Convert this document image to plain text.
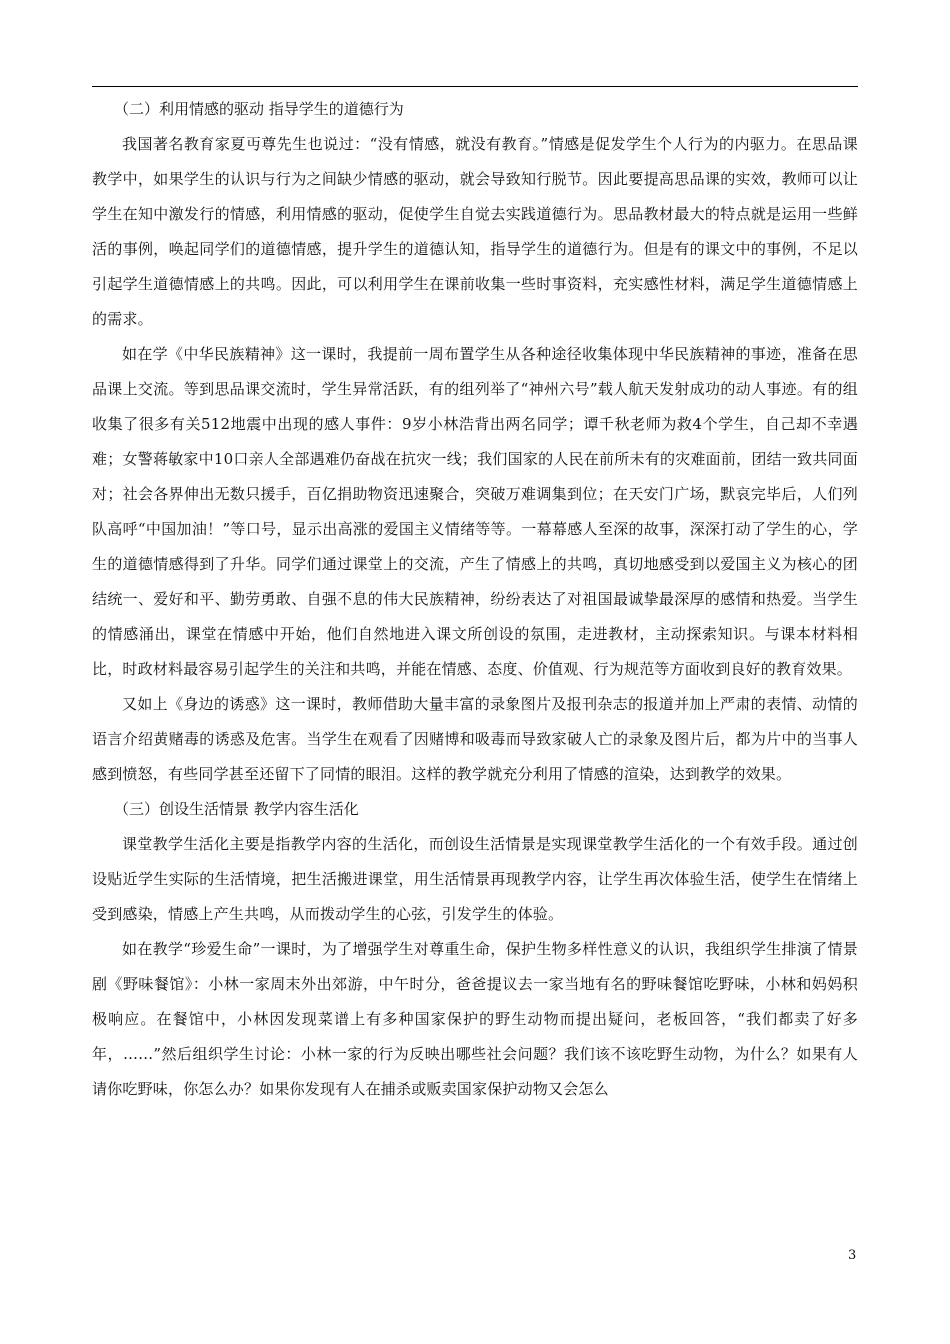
（二）利用情感的驱动 指导学生的道德行为

我国著名教育家夏丏尊先生也说过：“没有情感，就没有教育。”情感是促发学生个人行为的内驱力。在思品课教学中，如果学生的认识与行为之间缺少情感的驱动，就会导致知行脱节。因此要提高思品课的实效，教师可以让学生在知中激发行的情感，利用情感的驱动，促使学生自觉去实践道德行为。思品教材最大的特点就是运用一些鲜活的事例，唤起同学们的道德情感，提升学生的道德认知，指导学生的道德行为。但是有的课文中的事例，不足以引起学生道德情感上的共鸣。因此，可以利用学生在课前收集一些时事资料，充实感性材料，满足学生道德情感上的需求。

如在学《中华民族精神》这一课时，我提前一周布置学生从各种途径收集体现中华民族精神的事迹，准备在思品课上交流。等到思品课交流时，学生异常活跃，有的组列举了“神州六号”载人航天发射成功的动人事迹。有的组收集了很多有关512地震中出现的感人事件：9岁小林浩背出两名同学；谭千秋老师为救4个学生，自己却不幸遇难；女警蒋敏家中10口亲人全部遇难仍奋战在抗灾一线；我们国家的人民在前所未有的灾难面前，团结一致共同面对；社会各界伸出无数只援手，百亿捐助物资迅速聚合，突破万难调集到位；在天安门广场，默哀完毕后，人们列队高呼“中国加油！”等口号，显示出高涨的爱国主义情绪等等。一幕幕感人至深的故事，深深打动了学生的心，学生的道德情感得到了升华。同学们通过课堂上的交流，产生了情感上的共鸣，真切地感受到以爱国主义为核心的团结统一、爱好和平、勤劳勇敢、自强不息的伟大民族精神，纷纷表达了对祖国最诚挚最深厚的感情和热爱。当学生的情感涌出，课堂在情感中开始，他们自然地进入课文所创设的氛围，走进教材，主动探索知识。与课本材料相比，时政材料最容易引起学生的关注和共鸣，并能在情感、态度、价值观、行为规范等方面收到良好的教育效果。

又如上《身边的诱惑》这一课时，教师借助大量丰富的录象图片及报刊杂志的报道并加上严肃的表情、动情的语言介绍黄赌毒的诱惑及危害。当学生在观看了因赌博和吸毒而导致家破人亡的录象及图片后，都为片中的当事人感到愤怒，有些同学甚至还留下了同情的眼泪。这样的教学就充分利用了情感的渲染，达到教学的效果。

（三）创设生活情景 教学内容生活化

课堂教学生活化主要是指教学内容的生活化，而创设生活情景是实现课堂教学生活化的一个有效手段。通过创设贴近学生实际的生活情境，把生活搬进课堂，用生活情景再现教学内容，让学生再次体验生活，使学生在情绪上受到感染，情感上产生共鸣，从而拨动学生的心弦，引发学生的体验。

如在教学“珍爱生命”一课时，为了增强学生对尊重生命，保护生物多样性意义的认识，我组织学生排演了情景剧《野味餐馆》：小林一家周末外出郊游，中午时分，爸爸提议去一家当地有名的野味餐馆吃野味，小林和妈妈积极响应。在餐馆中，小林因发现菜谱上有多种国家保护的野生动物而提出疑问，老板回答，“我们都卖了好多年，……”然后组织学生讨论：小林一家的行为反映出哪些社会问题？我们该不该吃野生动物，为什么？如果有人请你吃野味，你怎么办？如果你发现有人在捕杀或贩卖国家保护动物又会怎么

3
